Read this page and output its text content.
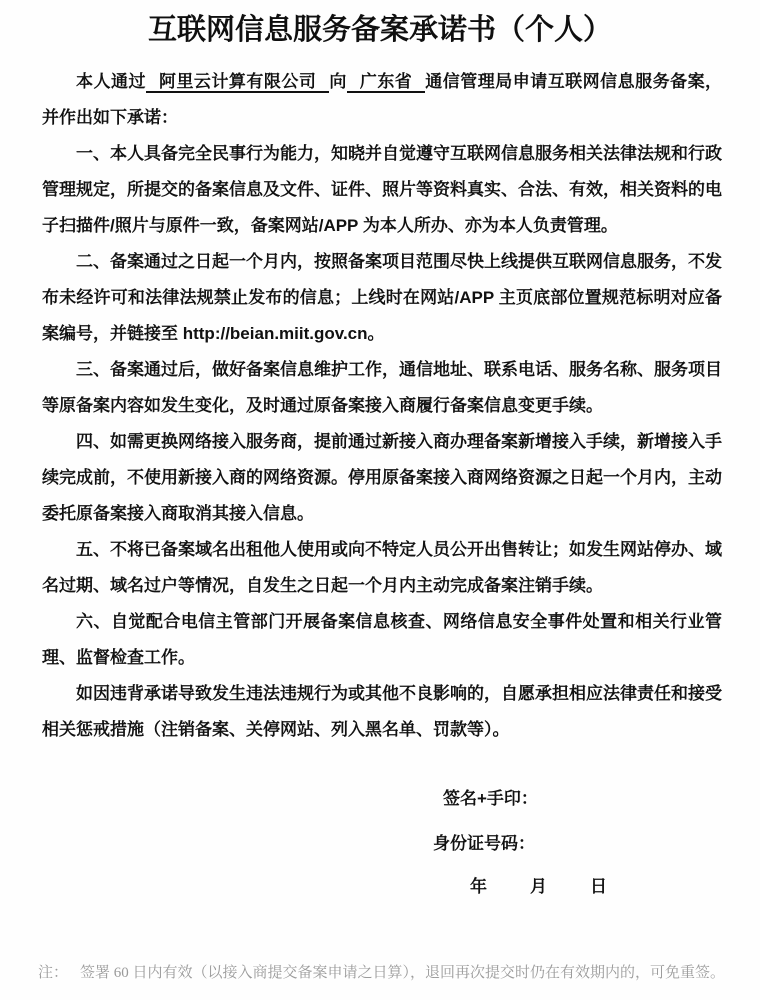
互联网信息服务备案承诺书（个人）

本人通过 阿里云计算有限公司 向 广东省 通信管理局申请互联网信息服务备案，并作出如下承诺：

一、本人具备完全民事行为能力，知晓并自觉遵守互联网信息服务相关法律法规和行政管理规定，所提交的备案信息及文件、证件、照片等资料真实、合法、有效，相关资料的电子扫描件/照片与原件一致，备案网站/APP 为本人所办、亦为本人负责管理。

二、备案通过之日起一个月内，按照备案项目范围尽快上线提供互联网信息服务，不发布未经许可和法律法规禁止发布的信息；上线时在网站/APP 主页底部位置规范标明对应备案编号，并链接至 http://beian.miit.gov.cn。

三、备案通过后，做好备案信息维护工作，通信地址、联系电话、服务名称、服务项目等原备案内容如发生变化，及时通过原备案接入商履行备案信息变更手续。

四、如需更换网络接入服务商，提前通过新接入商办理备案新增接入手续，新增接入手续完成前，不使用新接入商的网络资源。停用原备案接入商网络资源之日起一个月内，主动委托原备案接入商取消其接入信息。

五、不将已备案域名出租他人使用或向不特定人员公开出售转让；如发生网站停办、域名过期、域名过户等情况，自发生之日起一个月内主动完成备案注销手续。

六、自觉配合电信主管部门开展备案信息核查、网络信息安全事件处置和相关行业管理、监督检查工作。

如因违背承诺导致发生违法违规行为或其他不良影响的，自愿承担相应法律责任和接受相关惩戒措施（注销备案、关停网站、列入黑名单、罚款等）。

签名+手印：
身份证号码：
年	月	日
注： 签署 60 日内有效（以接入商提交备案申请之日算），退回再次提交时仍在有效期内的，可免重签。
